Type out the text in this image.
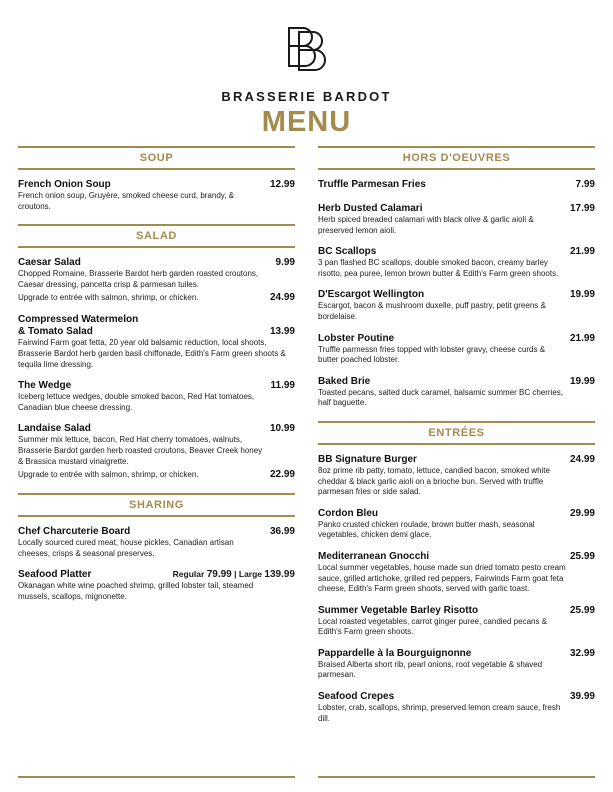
BRASSERIE BARDOT
MENU
SOUP
French Onion Soup	12.99
French onion soup, Gruyère, smoked cheese curd, brandy, & croutons.
SALAD
Caesar Salad	9.99
Chopped Romaine, Brasserie Bardot herb garden roasted croutons, Caesar dressing, pancetta crisp & parmesan tuiles.
Upgrade to entrée with salmon, shrimp, or chicken.	24.99
Compressed Watermelon
& Tomato Salad	13.99
Fairwind Farm goat fetta, 20 year old balsamic reduction, local shoots, Brasserie Bardot herb garden basil chiffonade, Edith's Farm green shoots & tequila lime dressing.
The Wedge	11.99
Iceberg lettuce wedges, double smoked bacon, Red Hat tomatoes, Canadian blue cheese dressing.
Landaise Salad	10.99
Summer mix lettuce, bacon, Red Hat cherry tomatoes, walnuts, Brasserie Bardot garden herb roasted croutons, Beaver Creek honey & Brassica mustard vinaigrette.
Upgrade to entrée with salmon, shrimp, or chicken.	22.99
SHARING
Chef Charcuterie Board	36.99
Locally sourced cured meat, house pickles, Canadian artisan cheeses, crisps & seasonal preserves.
Seafood Platter	Regular 79.99 | Large 139.99
Okanagan white wine poached shrimp, grilled lobster tail, steamed mussels, scallops, mignonette.
HORS D'OEUVRES
Truffle Parmesan Fries	7.99
Herb Dusted Calamari	17.99
Herb spiced breaded calamari with black olive & garlic aioli & preserved lemon aioli.
BC Scallops	21.99
3 pan flashed BC scallops, double smoked bacon, creamy barley risotto, pea puree, lemon brown butter & Edith's Farm green shoots.
D'Escargot Wellington	19.99
Escargot, bacon & mushroom duxelle, puff pastry, petit greens & bordelaise.
Lobster Poutine	21.99
Truffle parmessn fries topped with lobster gravy, cheese curds & butter poached lobster.
Baked Brie	19.99
Toasted pecans, salted duck caramel, balsamic summer BC cherries, half baguette.
ENTRÉES
BB Signature Burger	24.99
8oz prime rib patty, tomato, lettuce, candied bacon, smoked white cheddar & black garlic aioli on a brioche bun. Served with truffle parmesan fries or side salad.
Cordon Bleu	29.99
Panko crusted chicken roulade, brown butter mash, seasonal vegetables, chicken demi glace.
Mediterranean Gnocchi	25.99
Local summer vegetables, house made sun dried tomato pesto cream sauce, grilled artichoke, grilled red peppers, Fairwinds Farm goat feta cheese, Edith's Farm green shoots, served with garlic toast.
Summer Vegetable Barley Risotto	25.99
Local roasted vegetables, carrot ginger puree, candied pecans & Edith's Farm green shoots.
Pappardelle à la Bourguignonne	32.99
Braised Alberta short rib, pearl onions, root vegetable & shaved parmesan.
Seafood Crepes	39.99
Lobster, crab, scallops, shrimp, preserved lemon cream sauce, fresh dill.
